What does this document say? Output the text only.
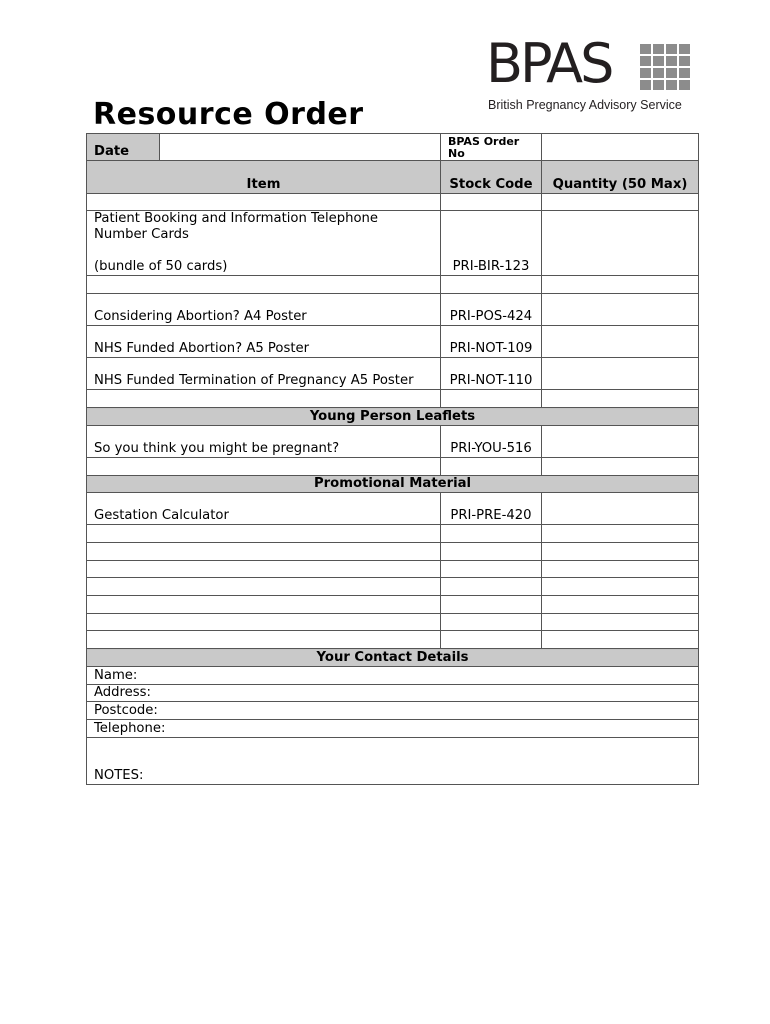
BPAS
British Pregnancy Advisory Service
Resource Order
Date		BPAS Order No	
Item		Stock Code	Quantity (50 Max)

Patient Booking and Information Telephone Number Cards
(bundle of 50 cards)		PRI-BIR-123	

Considering Abortion? A4 Poster		PRI-POS-424	
NHS Funded Abortion? A5 Poster		PRI-NOT-109	
NHS Funded Termination of Pregnancy A5 Poster		PRI-NOT-110	

Young Person Leaflets			
So you think you might be pregnant?		PRI-YOU-516	

Promotional Material			
Gestation Calculator		PRI-PRE-420	

Your Contact Details			
Name:			
Address:			
Postcode:			
Telephone:			
NOTES:			
